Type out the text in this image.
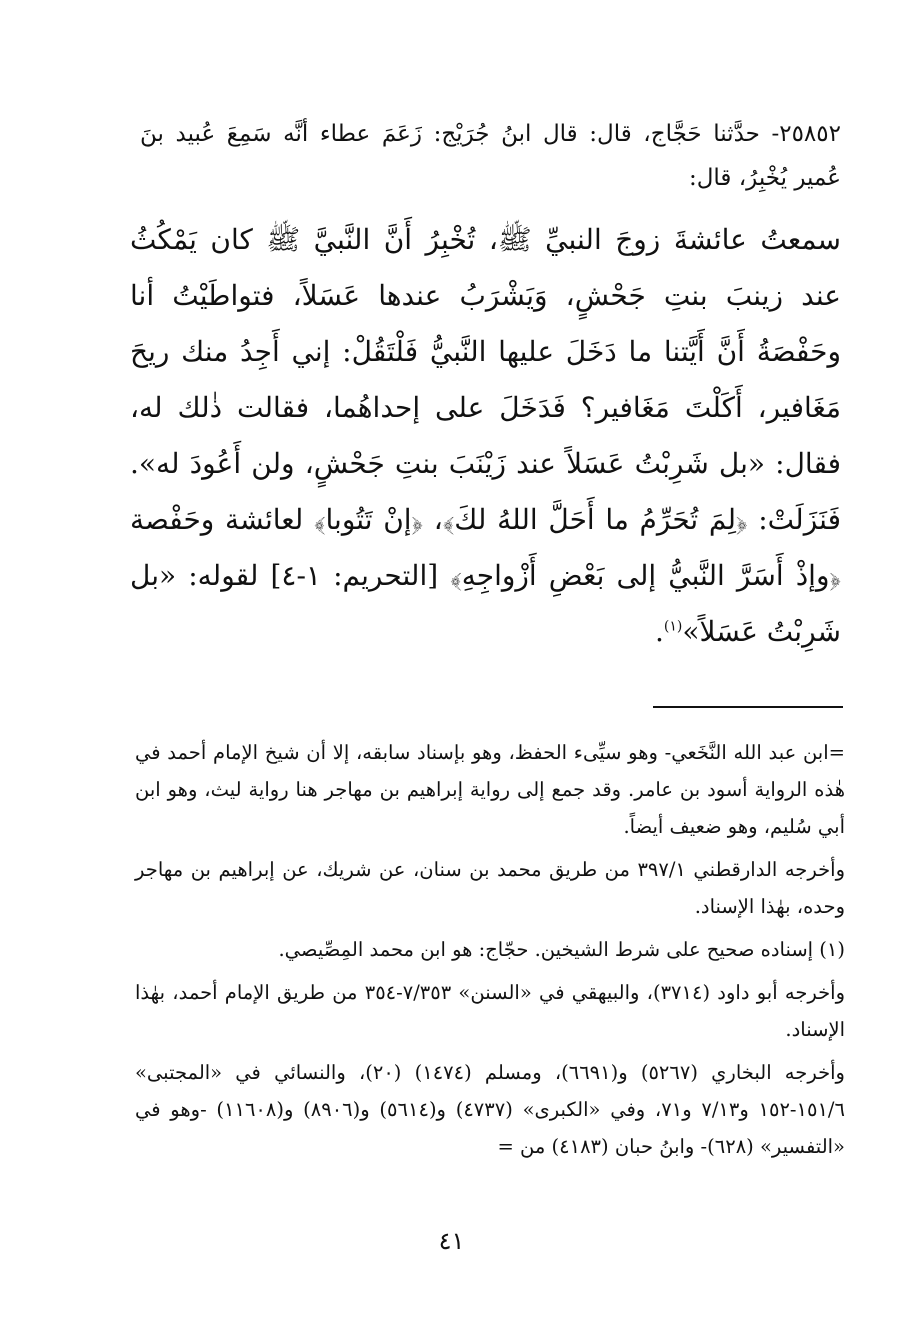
٢٥٨٥٢- حدَّثنا حَجَّاج، قال: قال ابنُ جُرَيْج: زَعَمَ عطاء أنَّه سَمِعَ عُبيد بنَ عُمير يُخْبِرُ، قال:
سمعتُ عائشةَ زوجَ النبيِّ ﷺ، تُخْبِرُ أَنَّ النَّبيَّ ﷺ كان يَمْكُثُ عند زينبَ بنتِ جَحْشٍ، وَيَشْرَبُ عندها عَسَلاً، فتواطَيْتُ أنا وحَفْصَةُ أَنَّ أَيَّتنا ما دَخَلَ عليها النَّبيُّ فَلْتَقُلْ: إني أَجِدُ منك ريحَ مَغَافير، أَكَلْتَ مَغَافير؟ فَدَخَلَ على إحداهُما، فقالت ذٰلك له، فقال: «بل شَرِبْتُ عَسَلاً عند زَيْنَبَ بنتِ جَحْشٍ، ولن أَعُودَ له». فَنَزَلَتْ: ﴿لِمَ تُحَرِّمُ ما أَحَلَّ اللهُ لكَ﴾، ﴿إنْ تَتُوبا﴾ لعائشة وحَفْصة ﴿وإذْ أَسَرَّ النَّبيُّ إلى بَعْضِ أَزْواجِهِ﴾ [التحريم: ١-٤] لقوله: «بل شَرِبْتُ عَسَلاً»$^{(١)}$.

=ابن عبد الله النَّخَعي- وهو سيِّىء الحفظ، وهو بإسناد سابقه، إلا أن شيخ الإمام أحمد في هٰذه الرواية أسود بن عامر. وقد جمع إلى رواية إبراهيم بن مهاجر هنا رواية ليث، وهو ابن أبي سُليم، وهو ضعيف أيضاً.

وأخرجه الدارقطني ٣٩٧/١ من طريق محمد بن سنان، عن شريك، عن إبراهيم بن مهاجر وحده، بهٰذا الإسناد.

(١) إسناده صحيح على شرط الشيخين. حجّاج: هو ابن محمد المِصِّيصي.

وأخرجه أبو داود (٣٧١٤)، والبيهقي في «السنن» ٧/٣٥٣-٣٥٤ من طريق الإمام أحمد، بهٰذا الإسناد.

وأخرجه البخاري (٥٢٦٧) و(٦٦٩١)، ومسلم (١٤٧٤) (٢٠)، والنسائي في «المجتبى» ١٥١/٦-١٥٢ و٧/١٣ و٧١، وفي «الكبرى» (٤٧٣٧) و(٥٦١٤) و(٨٩٠٦) و(١١٦٠٨) -وهو في «التفسير» (٦٢٨)- وابنُ حبان (٤١٨٣) من =

٤١
